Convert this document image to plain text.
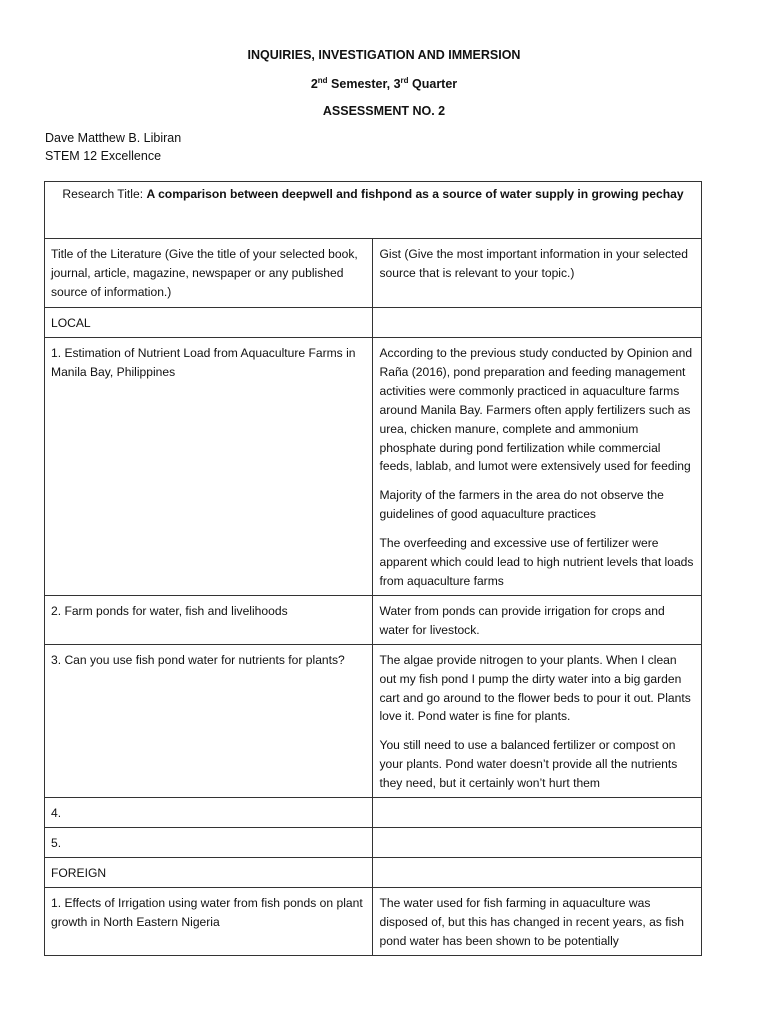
INQUIRIES, INVESTIGATION AND IMMERSION
2nd Semester, 3rd Quarter
ASSESSMENT NO. 2
Dave Matthew B. Libiran
STEM 12 Excellence
Research Title: A comparison between deepwell and fishpond as a source of water supply in growing pechay	
Title of the Literature (Give the title of your selected book, journal, article, magazine, newspaper or any published source of information.)	Gist (Give the most important information in your selected source that is relevant to your topic.)
LOCAL	
1. Estimation of Nutrient Load from Aquaculture Farms in Manila Bay, Philippines	According to the previous study conducted by Opinion and Raña (2016), pond preparation and feeding management activities were commonly practiced in aquaculture farms around Manila Bay. Farmers often apply fertilizers such as urea, chicken manure, complete and ammonium phosphate during pond fertilization while commercial feeds, lablab, and lumot were extensively used for feeding
Majority of the farmers in the area do not observe the guidelines of good aquaculture practices
The overfeeding and excessive use of fertilizer were apparent which could lead to high nutrient levels that loads from aquaculture farms

2. Farm ponds for water, fish and livelihoods	Water from ponds can provide irrigation for crops and water for livestock.

3. Can you use fish pond water for nutrients for plants?	The algae provide nitrogen to your plants. When I clean out my fish pond I pump the dirty water into a big garden cart and go around to the flower beds to pour it out. Plants love it. Pond water is fine for plants.
You still need to use a balanced fertilizer or compost on your plants. Pond water doesn’t provide all the nutrients they need, but it certainly won’t hurt them

4.	
5.	
FOREIGN	
1. Effects of Irrigation using water from fish ponds on plant growth in North Eastern Nigeria	The water used for fish farming in aquaculture was disposed of, but this has changed in recent years, as fish pond water has been shown to be potentially
